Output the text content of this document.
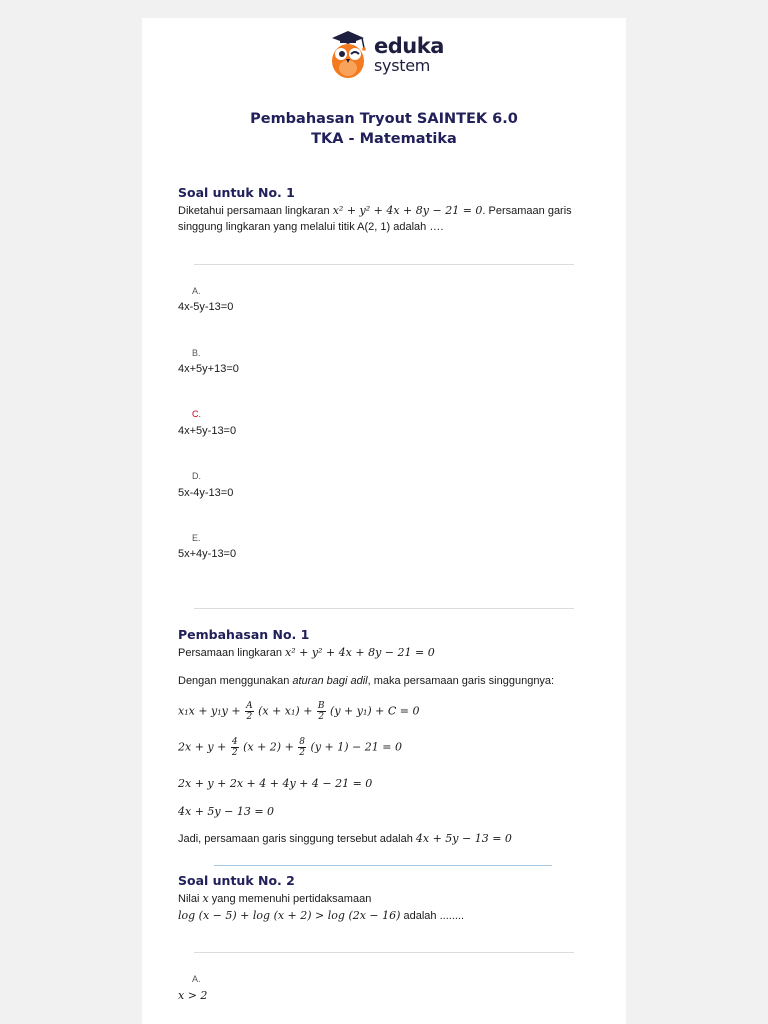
eduka
system
Pembahasan Tryout SAINTEK 6.0
TKA - Matematika
Soal untuk No. 1
Diketahui persamaan lingkaran x² + y² + 4x + 8y − 21 = 0. Persamaan garis singgung lingkaran yang melalui titik A(2, 1) adalah ….
A.
4x-5y-13=0
B.
4x+5y+13=0
C.
4x+5y-13=0
D.
5x-4y-13=0
E.
5x+4y-13=0
Pembahasan No. 1
Persamaan lingkaran x² + y² + 4x + 8y − 21 = 0
Dengan menggunakan aturan bagi adil, maka persamaan garis singgungnya:
$x_1x + y_1y + \frac{A}{2} (x + x_1) + \frac{B}{2} (y + y_1) + C = 0$
$2x + y + \frac{4}{2} (x + 2) + \frac{8}{2} (y + 1) - 21 = 0$
2x + y + 2x + 4 + 4y + 4 − 21 = 0
4x + 5y − 13 = 0
Jadi, persamaan garis singgung tersebut adalah 4x + 5y − 13 = 0
Soal untuk No. 2
Nilai x yang memenuhi pertidaksamaan
log (x − 5) + log (x + 2) > log (2x − 16) adalah ........
A.
x > 2
